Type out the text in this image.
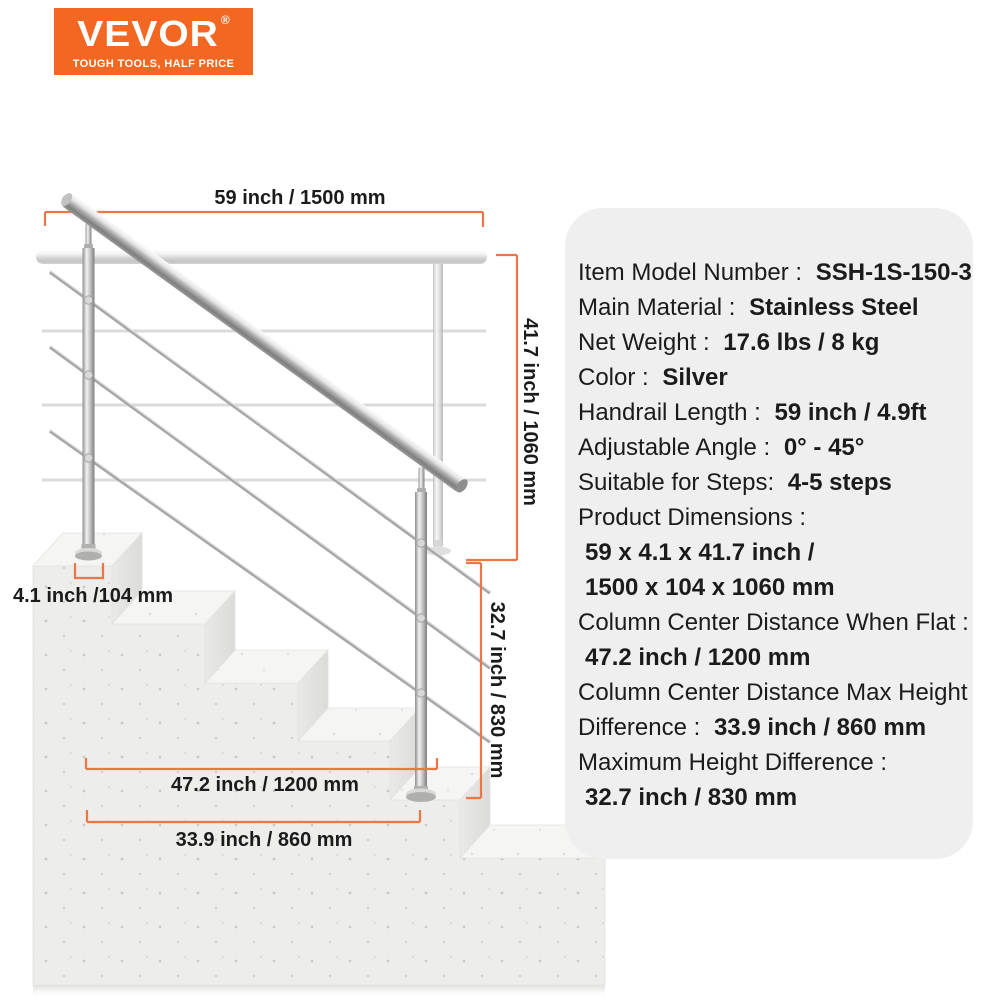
59 inch / 1500 mm
41.7 inch / 1060 mm
32.7 inch / 830 mm
4.1 inch /104 mm
47.2 inch / 1200 mm
33.9 inch / 860 mm
VEVOR ®
TOUGH TOOLS, HALF PRICE
Item Model Number : SSH-1S-150-3
Main Material : Stainless Steel
Net Weight : 17.6 lbs / 8 kg
Color : Silver
Handrail Length : 59 inch / 4.9ft
Adjustable Angle : 0° - 45°
Suitable for Steps: 4-5 steps
Product Dimensions :
59 x 4.1 x 41.7 inch /
1500 x 104 x 1060 mm
Column Center Distance When Flat :
47.2 inch / 1200 mm
Column Center Distance Max Height
Difference : 33.9 inch / 860 mm
Maximum Height Difference :
32.7 inch / 830 mm
